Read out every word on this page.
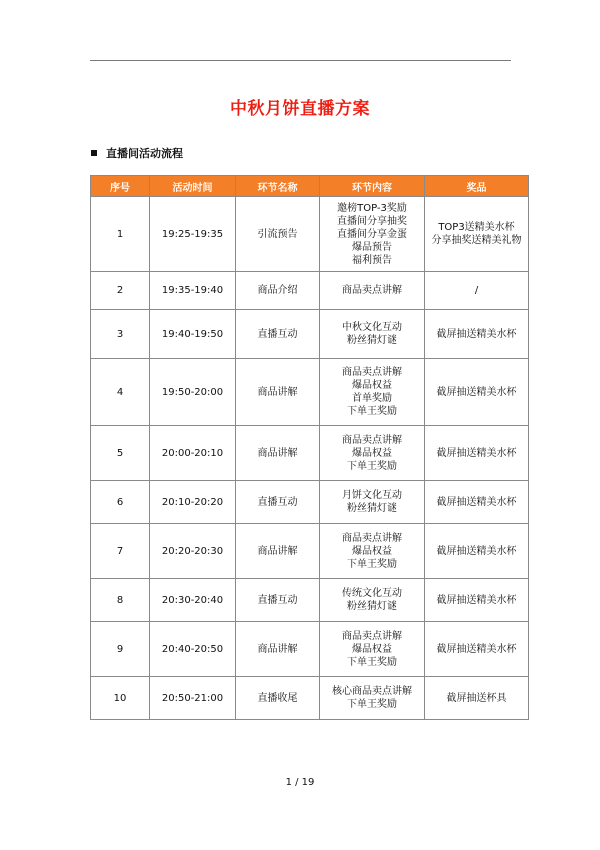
中秋月饼直播方案
直播间活动流程
序号	活动时间	环节名称	环节内容	奖品
1	19:25-19:35	引流预告	邀榜TOP-3奖励
直播间分享抽奖
直播间分享金蛋
爆品预告
福利预告	TOP3送精美水杯
分享抽奖送精美礼物

2	19:35-19:40	商品介绍	商品卖点讲解	/

3	19:40-19:50	直播互动	中秋文化互动
粉丝猜灯谜	截屏抽送精美水杯

4	19:50-20:00	商品讲解	商品卖点讲解
爆品权益
首单奖励
下单王奖励	截屏抽送精美水杯

5	20:00-20:10	商品讲解	商品卖点讲解
爆品权益
下单王奖励	截屏抽送精美水杯

6	20:10-20:20	直播互动	月饼文化互动
粉丝猜灯谜	截屏抽送精美水杯

7	20:20-20:30	商品讲解	商品卖点讲解
爆品权益
下单王奖励	截屏抽送精美水杯

8	20:30-20:40	直播互动	传统文化互动
粉丝猜灯谜	截屏抽送精美水杯

9	20:40-20:50	商品讲解	商品卖点讲解
爆品权益
下单王奖励	截屏抽送精美水杯

10	20:50-21:00	直播收尾	核心商品卖点讲解
下单王奖励	截屏抽送杯具
1 / 19
